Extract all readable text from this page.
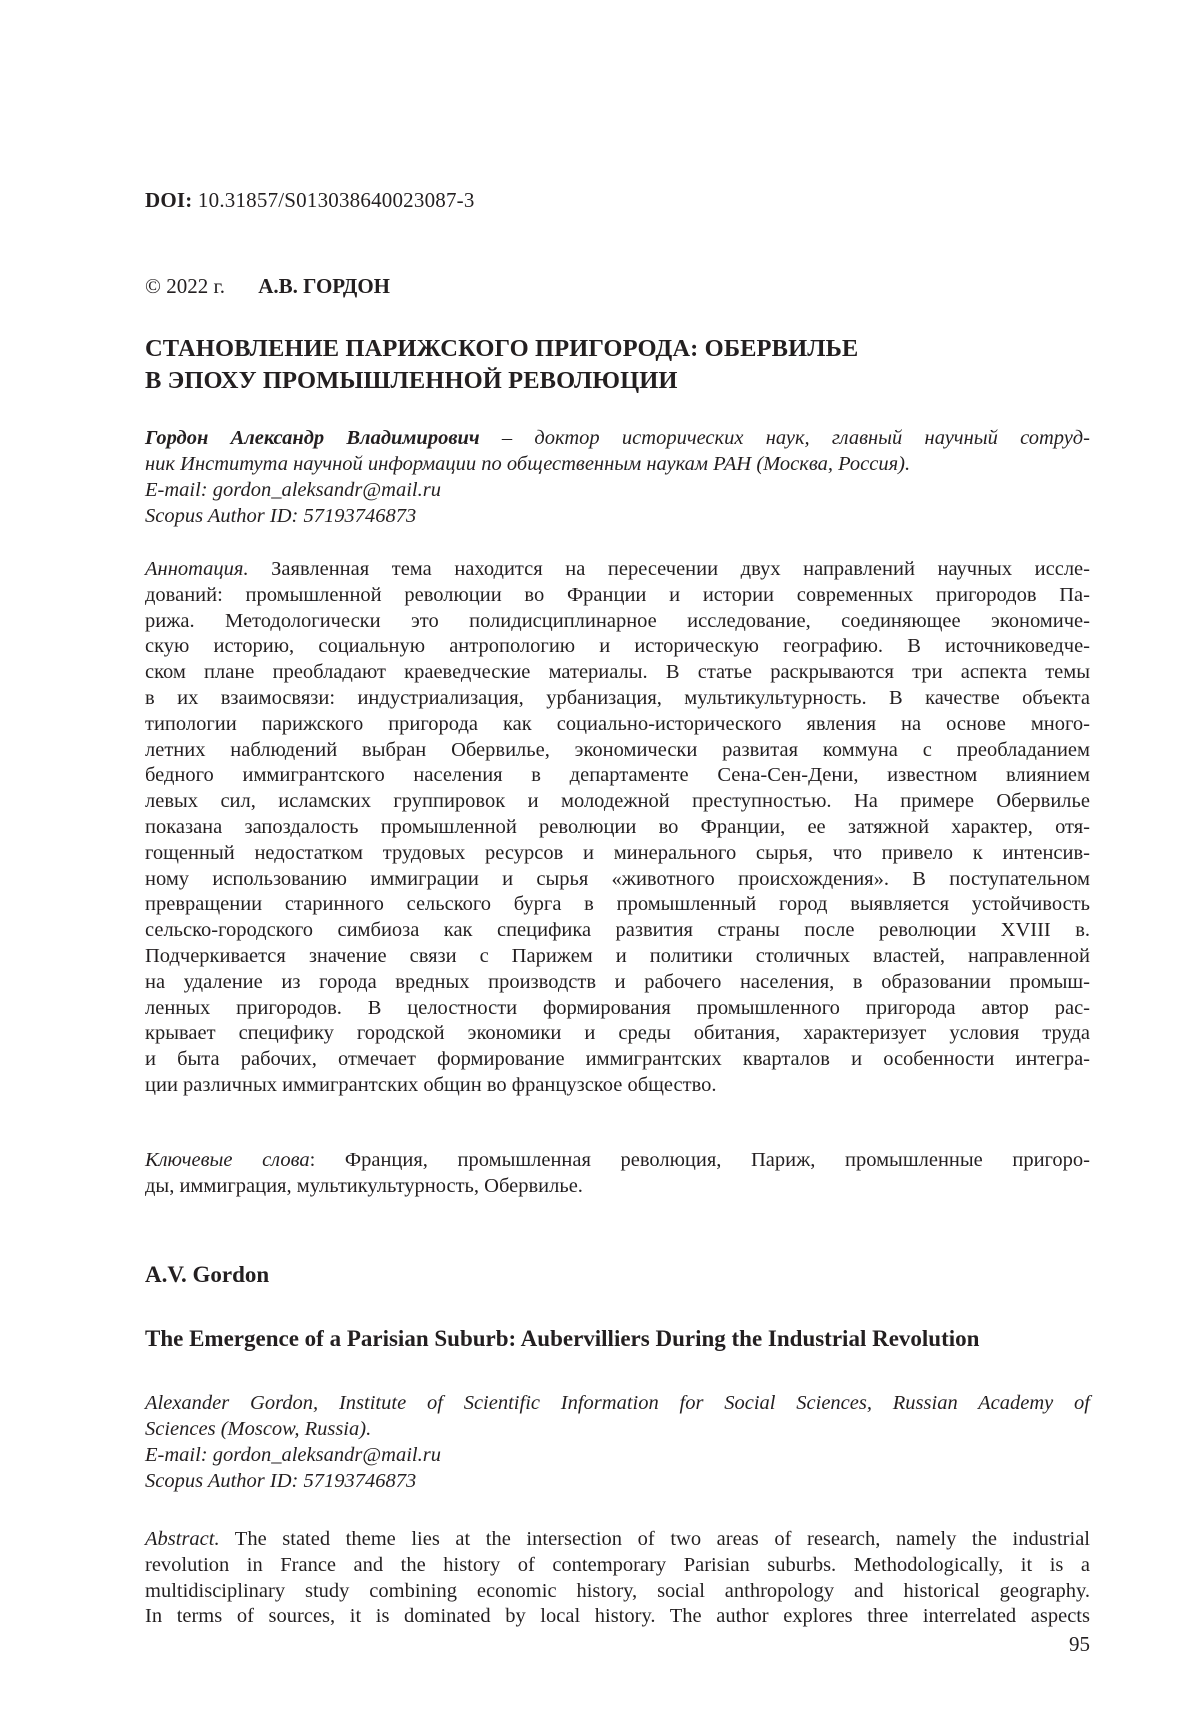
DOI: 10.31857/S013038640023087-3
© 2022 г. А.В. ГОРДОН
СТАНОВЛЕНИЕ ПАРИЖСКОГО ПРИГОРОДА: ОБЕРВИЛЬЕ
В ЭПОХУ ПРОМЫШЛЕННОЙ РЕВОЛЮЦИИ
Гордон Александр Владимирович – доктор исторических наук, главный научный сотруд-
ник Института научной информации по общественным наукам РАН (Москва, Россия).
E-mail: gordon_aleksandr@mail.ru
Scopus Author ID: 57193746873
Аннотация. Заявленная тема находится на пересечении двух направлений научных иссле-
дований: промышленной революции во Франции и истории современных пригородов Па-
рижа. Методологически это полидисциплинарное исследование, соединяющее экономиче-
скую историю, социальную антропологию и историческую географию. В источниковедче-
ском плане преобладают краеведческие материалы. В статье раскрываются три аспекта темы
в их взаимосвязи: индустриализация, урбанизация, мультикультурность. В качестве объекта
типологии парижского пригорода как социально-исторического явления на основе много-
летних наблюдений выбран Обервилье, экономически развитая коммуна с преобладанием
бедного иммигрантского населения в департаменте Сена-Сен-Дени, известном влиянием
левых сил, исламских группировок и молодежной преступностью. На примере Обервилье
показана запоздалость промышленной революции во Франции, ее затяжной характер, отя-
гощенный недостатком трудовых ресурсов и минерального сырья, что привело к интенсив-
ному использованию иммиграции и сырья «животного происхождения». В поступательном
превращении старинного сельского бурга в промышленный город выявляется устойчивость
сельско-городского симбиоза как специфика развития страны после революции XVIII в.
Подчеркивается значение связи с Парижем и политики столичных властей, направленной
на удаление из города вредных производств и рабочего населения, в образовании промыш-
ленных пригородов. В целостности формирования промышленного пригорода автор рас-
крывает специфику городской экономики и среды обитания, характеризует условия труда
и быта рабочих, отмечает формирование иммигрантских кварталов и особенности интегра-
ции различных иммигрантских общин во французское общество.
Ключевые слова: Франция, промышленная революция, Париж, промышленные пригоро-
ды, иммиграция, мультикультурность, Обервилье.
A.V. Gordon
The Emergence of a Parisian Suburb: Aubervilliers During the Industrial Revolution
Alexander Gordon, Institute of Scientific Information for Social Sciences, Russian Academy of
Sciences (Moscow, Russia).
E-mail: gordon_aleksandr@mail.ru
Scopus Author ID: 57193746873
Abstract. The stated theme lies at the intersection of two areas of research, namely the industrial
revolution in France and the history of contemporary Parisian suburbs. Methodologically, it is a
multidisciplinary study combining economic history, social anthropology and historical geography.
In terms of sources, it is dominated by local history. The author explores three interrelated aspects
95
